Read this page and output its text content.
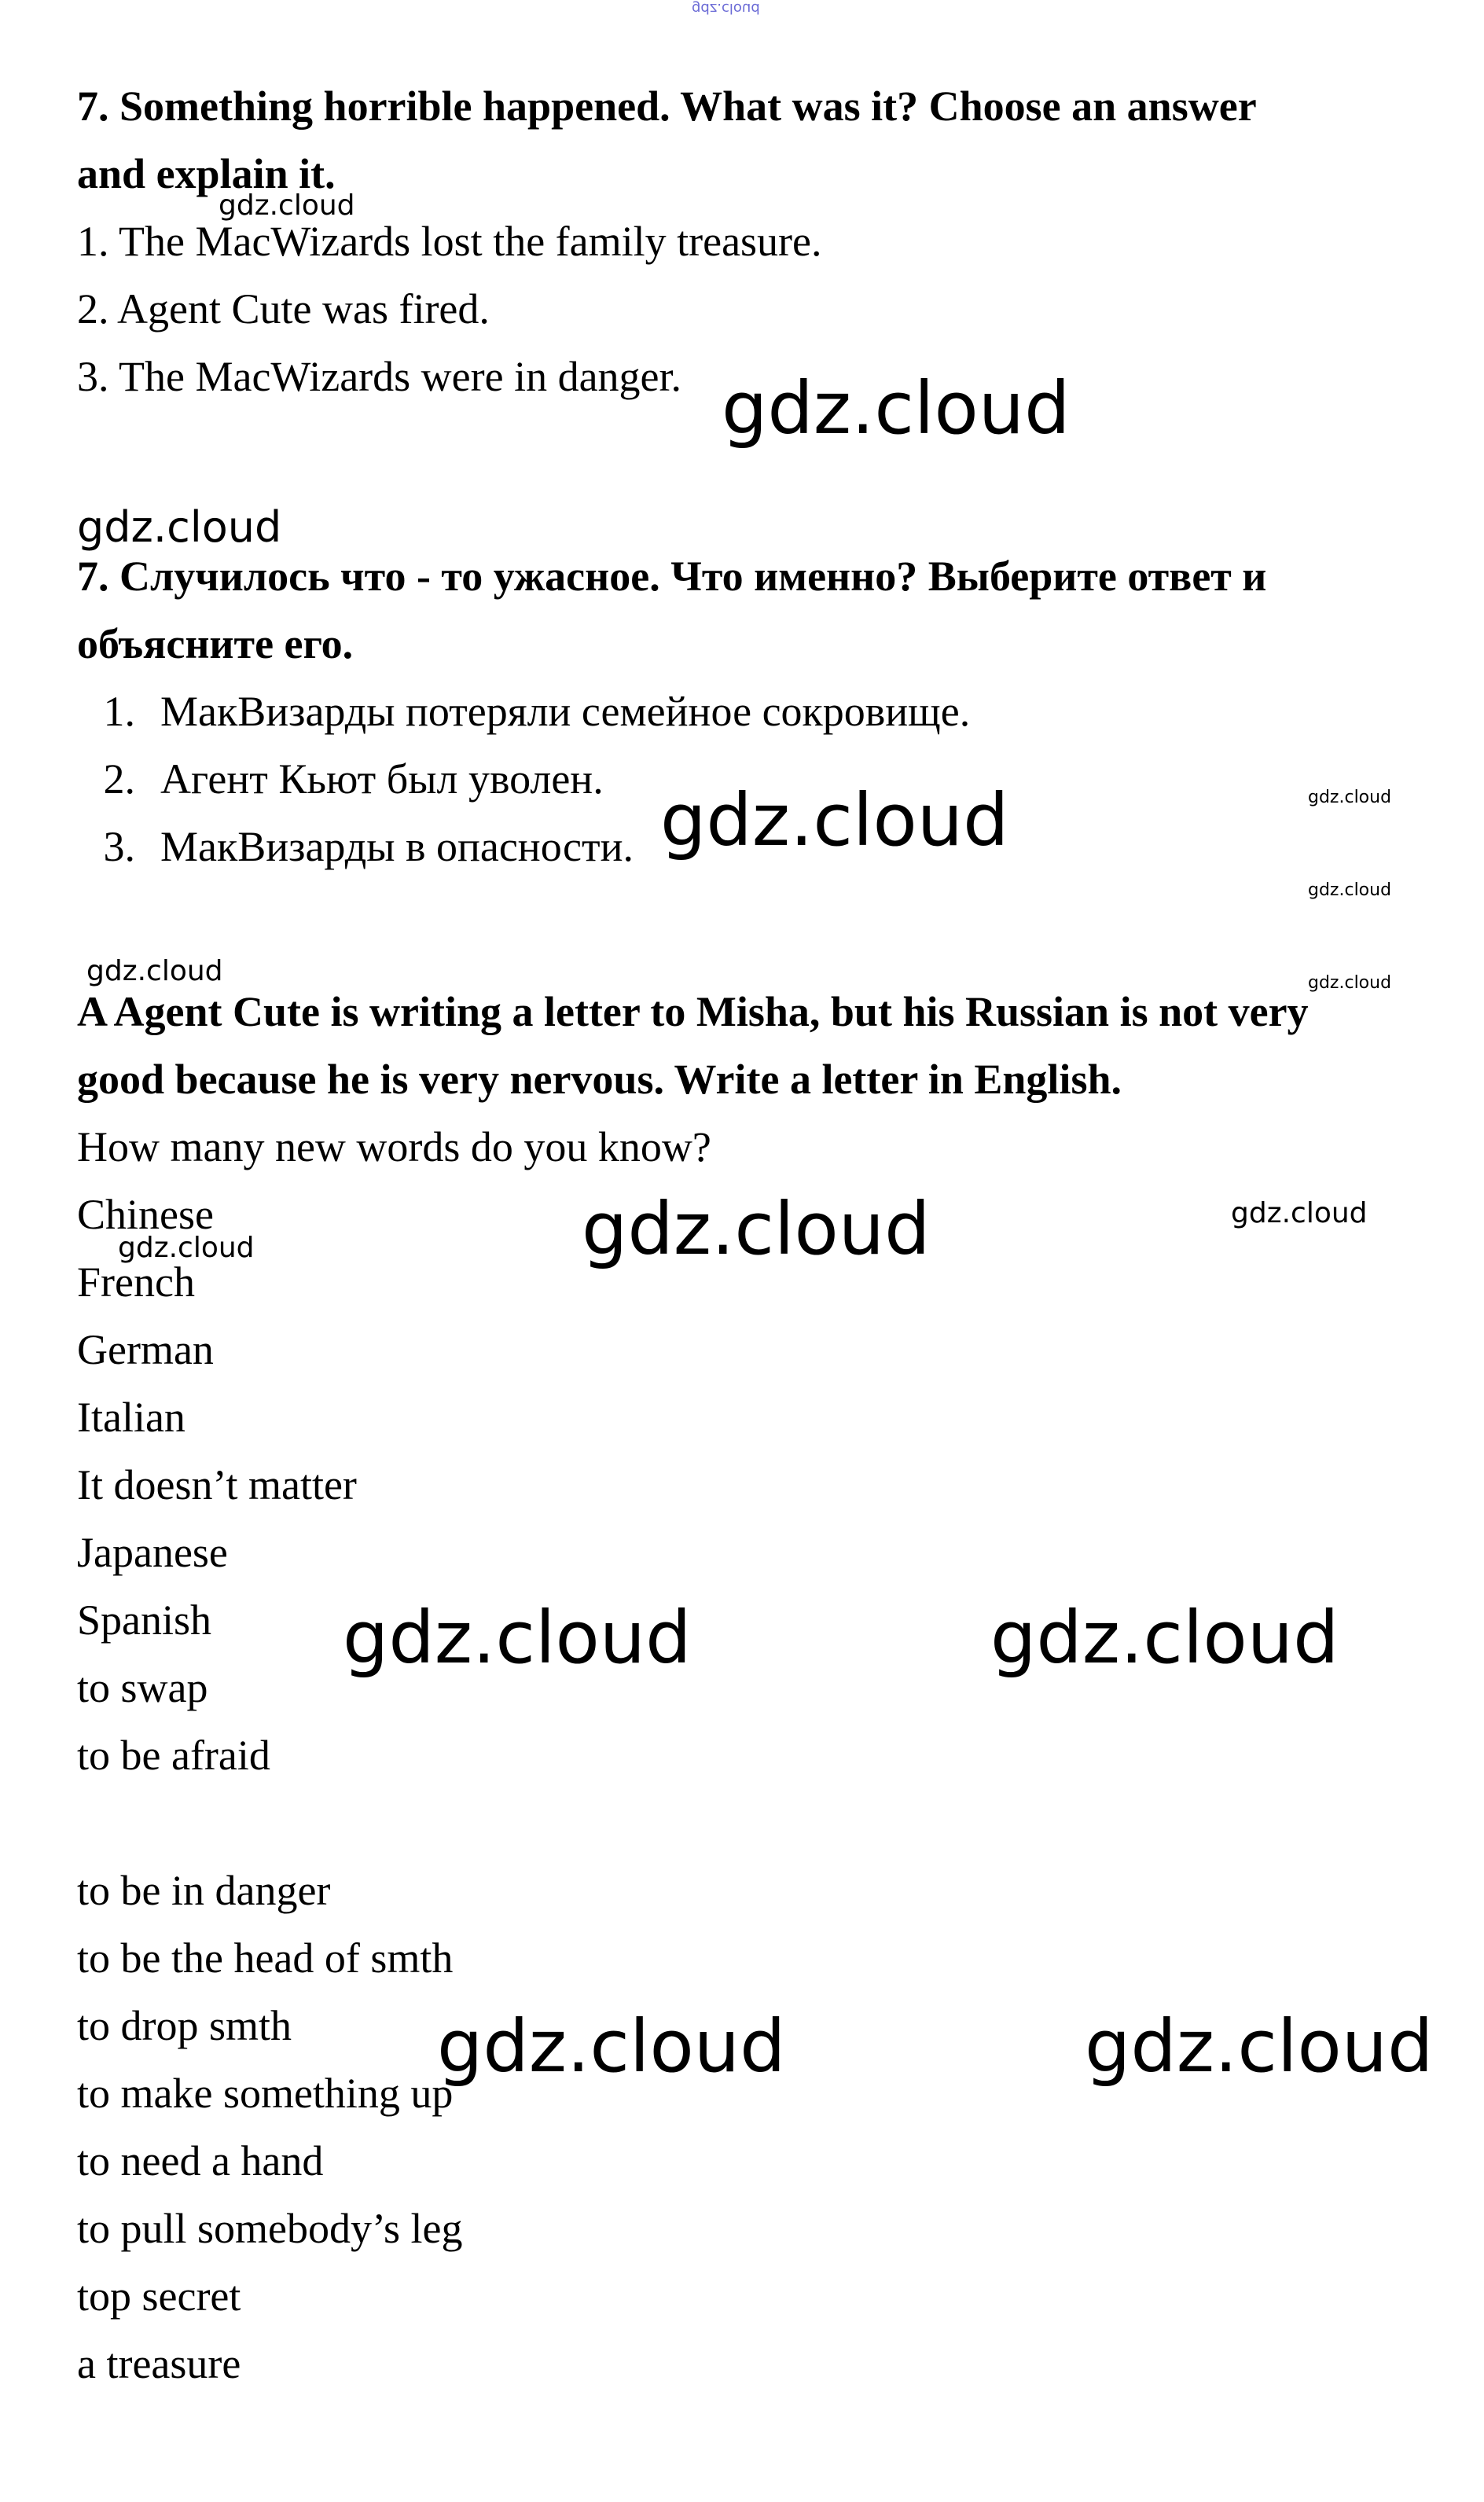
gdz.cloud
7. Something horrible happened. What was it? Choose an answer
and explain it.
1. The MacWizards lost the family treasure.
2. Agent Cute was fired.
3. The MacWizards were in danger.
7. Случилось что - то ужасное. Что именно? Выберите ответ и
объясните его.
1. МакВизарды потеряли семейное сокровище.
2. Агент Кьют был уволен.
3. МакВизарды в опасности.
A Agent Cute is writing a letter to Misha, but his Russian is not very
good because he is very nervous. Write a letter in English.
How many new words do you know?
Chinese
French
German
Italian
It doesn’t matter
Japanese
Spanish
to swap
to be afraid
to be in danger
to be the head of smth
to drop smth
to make something up
to need a hand
to pull somebody’s leg
top secret
a treasure
gdz.cloud
gdz.cloud
gdz.cloud
gdz.cloud	gdz.cloud
gdz.cloud
gdz.cloud	gdz.cloud
gdz.cloud	gdz.cloud
gdz.cloud
gdz.cloud	gdz.cloud
gdz.cloud	gdz.cloud
